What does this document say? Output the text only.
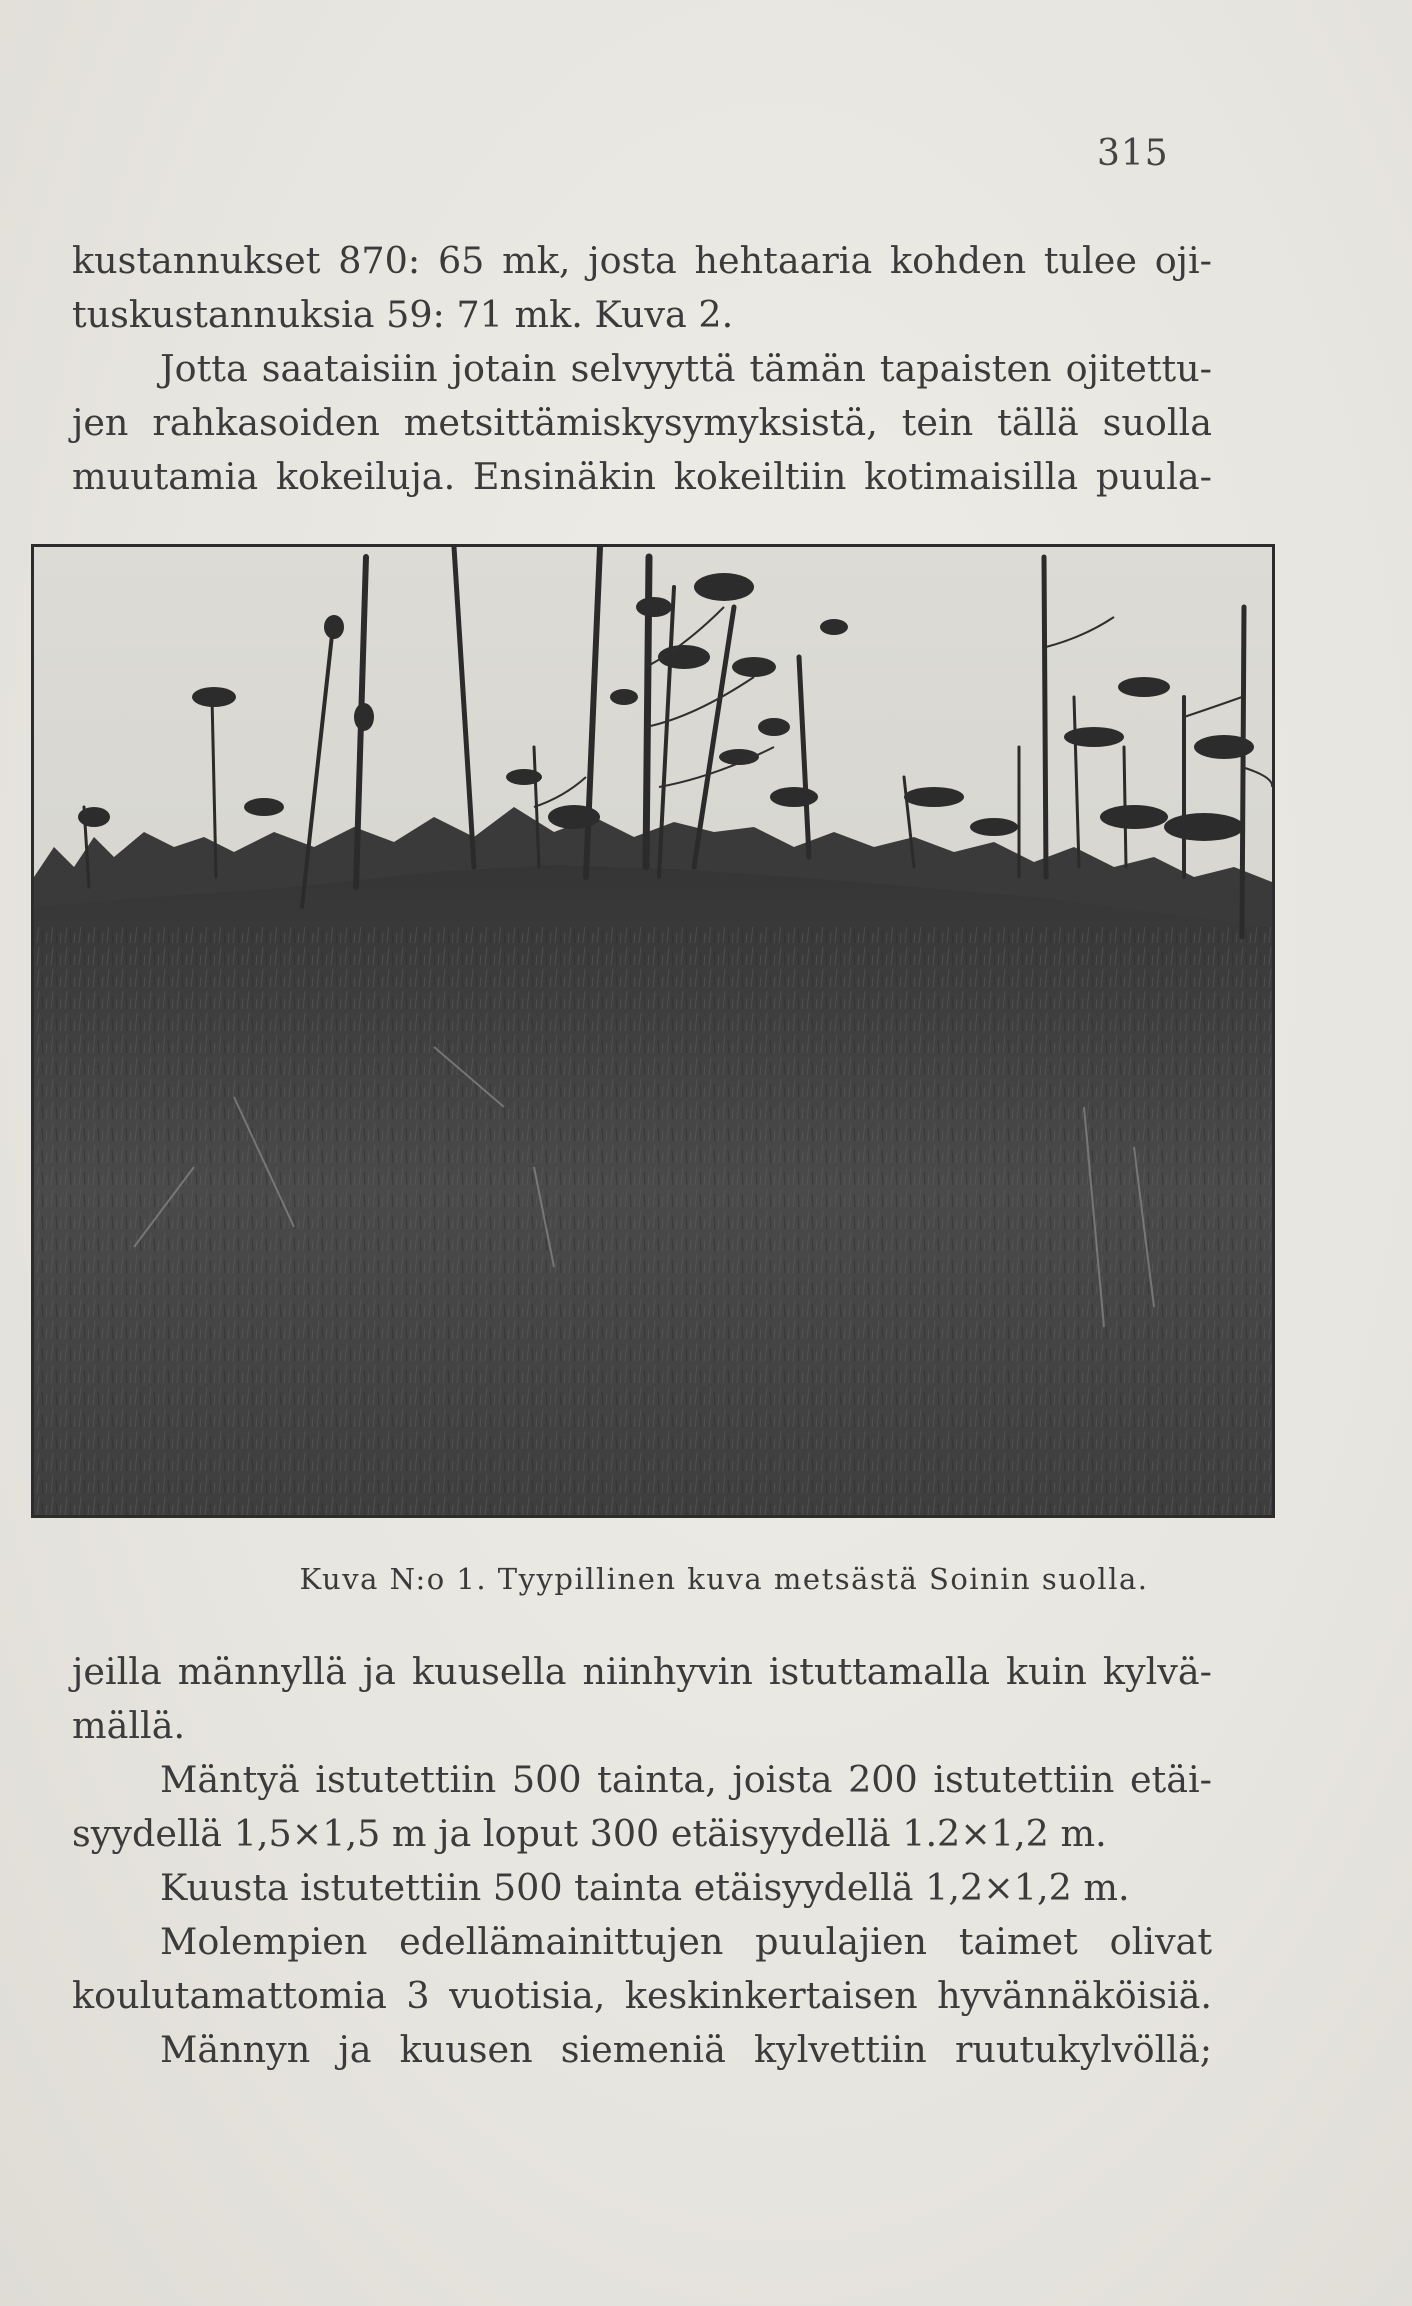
315
kustannukset 870: 65 mk, josta hehtaaria kohden tulee oji-
tuskustannuksia 59: 71 mk. Kuva 2.
Jotta saataisiin jotain selvyyttä tämän tapaisten ojitettu-
jen rahkasoiden metsittämiskysymyksistä, tein tällä suolla
muutamia kokeiluja. Ensinäkin kokeiltiin kotimaisilla puula-
Kuva N:o 1. Tyypillinen kuva metsästä Soinin suolla.
jeilla männyllä ja kuusella niinhyvin istuttamalla kuin kylvä-
mällä.
Mäntyä istutettiin 500 tainta, joista 200 istutettiin etäi-
syydellä 1,5×1,5 m ja loput 300 etäisyydellä 1.2×1,2 m.
Kuusta istutettiin 500 tainta etäisyydellä 1,2×1,2 m.
Molempien edellämainittujen puulajien taimet olivat
koulutamattomia 3 vuotisia, keskinkertaisen hyvännäköisiä.
Männyn ja kuusen siemeniä kylvettiin ruutukylvöllä;
